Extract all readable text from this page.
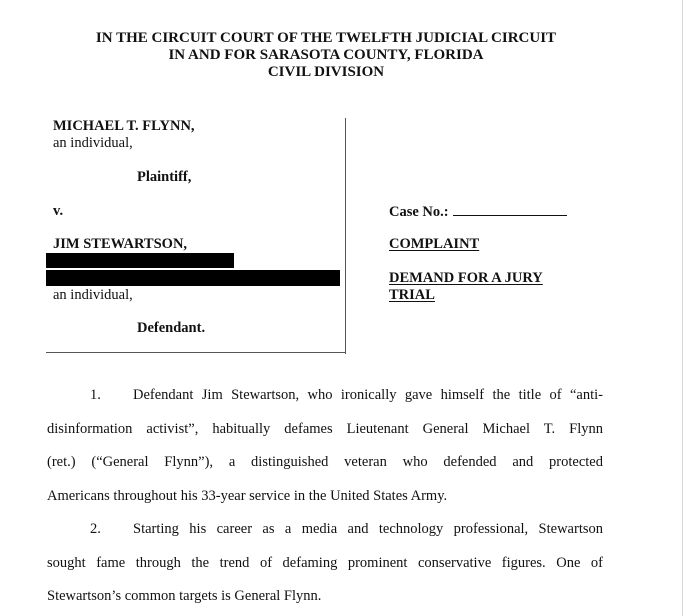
IN THE CIRCUIT COURT OF THE TWELFTH JUDICIAL CIRCUIT
IN AND FOR SARASOTA COUNTY, FLORIDA
CIVIL DIVISION
MICHAEL T. FLYNN,
an individual,
Plaintiff,
v.
JIM STEWARTSON,
an individual,
Defendant.
Case No.:
COMPLAINT
DEMAND FOR A JURY
TRIAL
1. Defendant Jim Stewartson, who ironically gave himself the title of “anti-
disinformation activist”, habitually defames Lieutenant General Michael T. Flynn
(ret.) (“General Flynn”), a distinguished veteran who defended and protected
Americans throughout his 33-year service in the United States Army.
2. Starting his career as a media and technology professional, Stewartson
sought fame through the trend of defaming prominent conservative figures. One of
Stewartson’s common targets is General Flynn.
